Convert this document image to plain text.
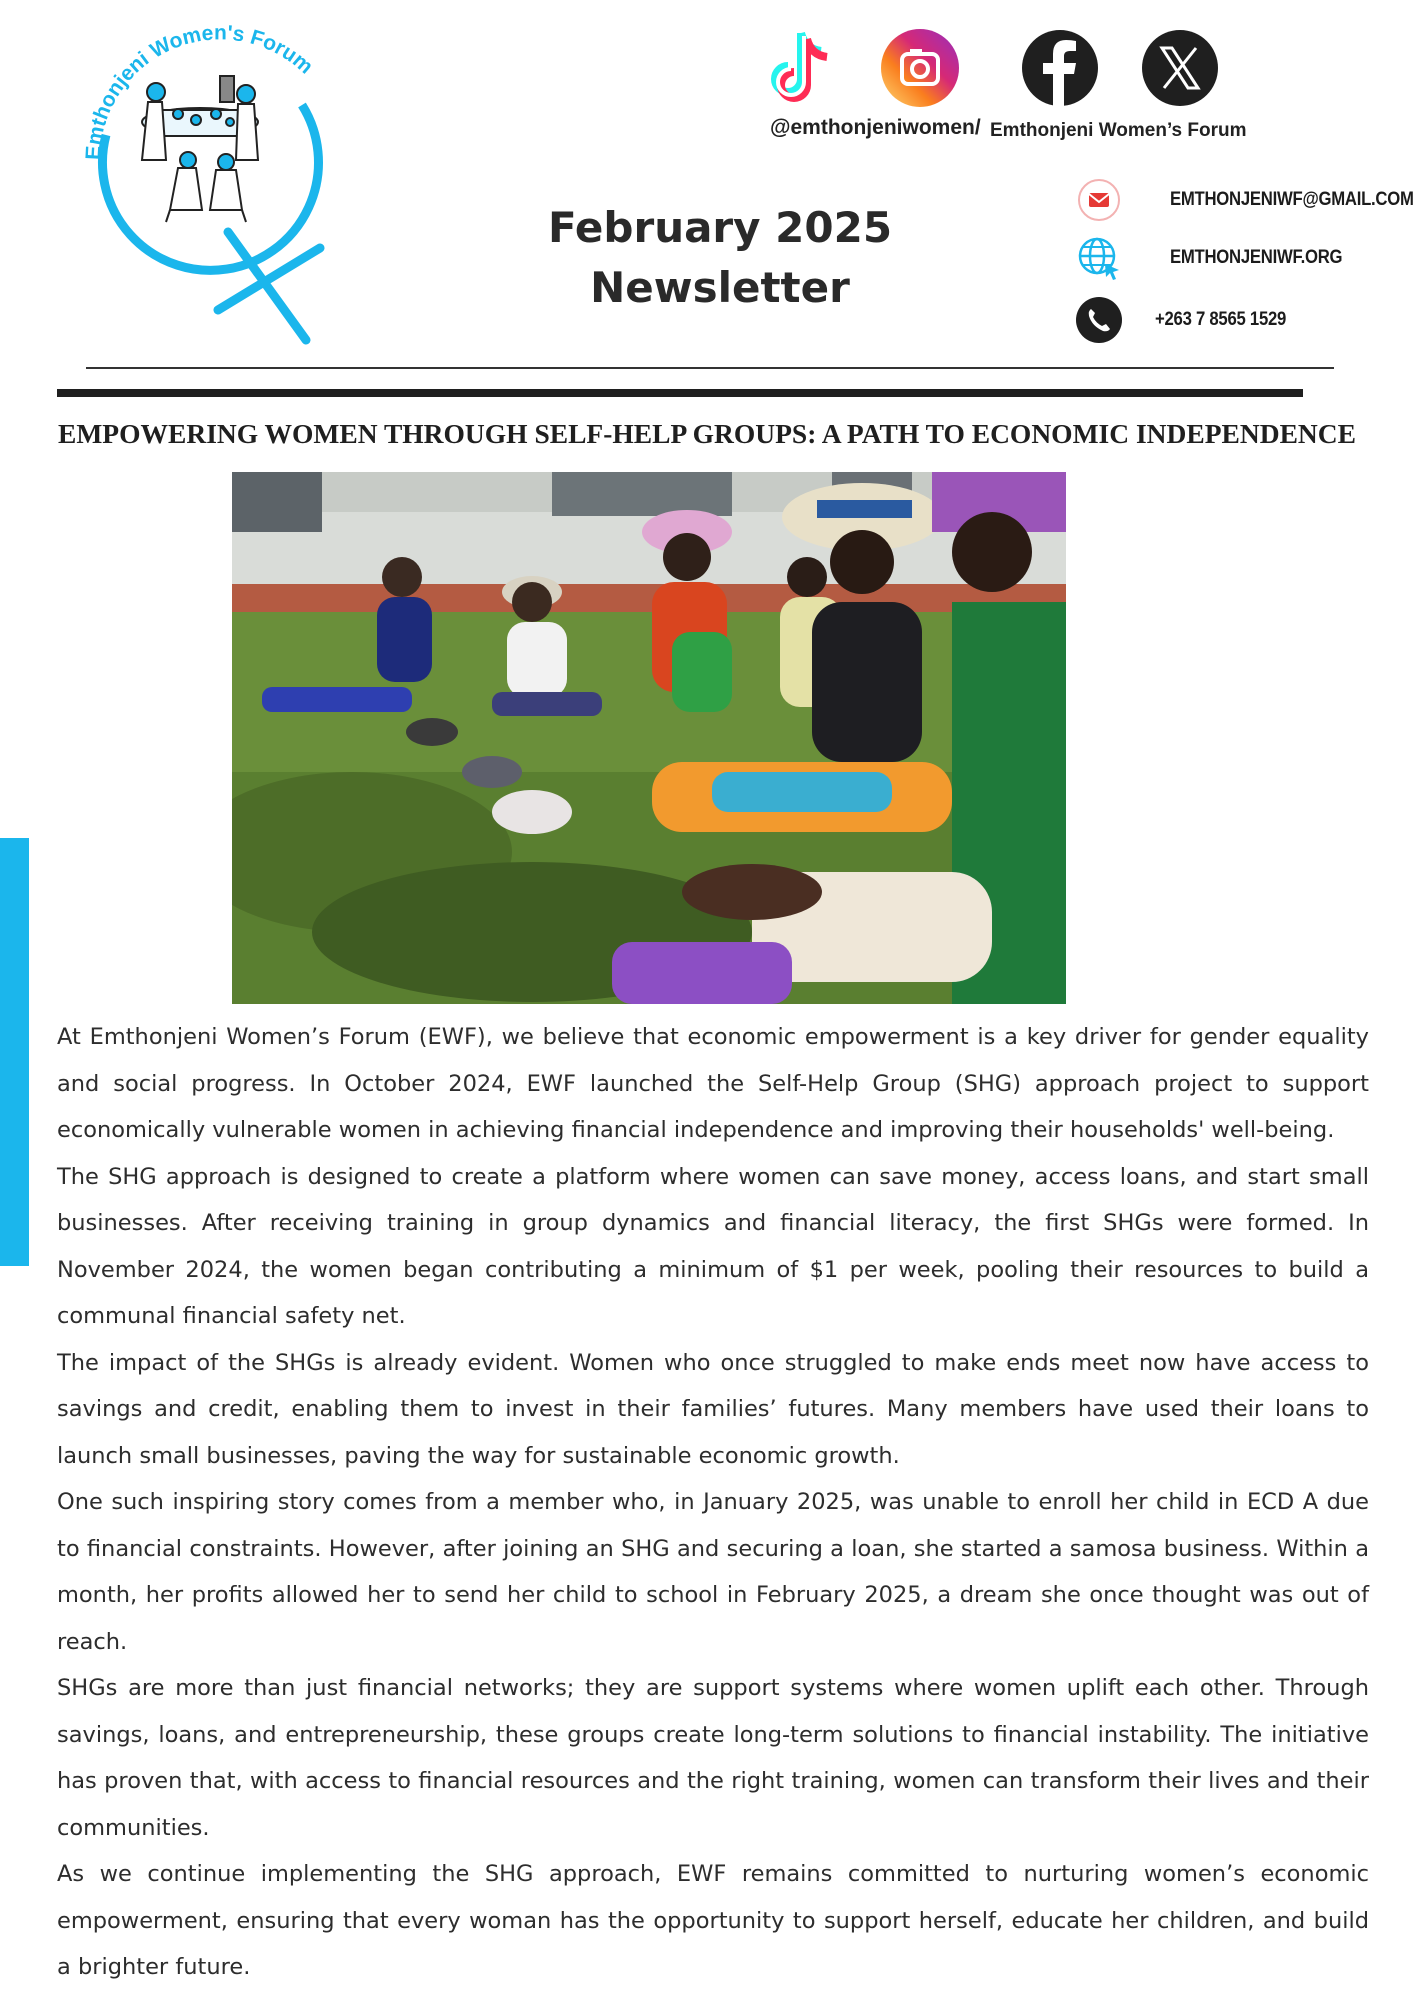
Emthonjeni Women's Forum
@emthonjeniwomen/ Emthonjeni Women’s Forum
February 2025
Newsletter
EMTHONJENIWF@GMAIL.COM
EMTHONJENIWF.ORG
+263 7 8565 1529
EMPOWERING WOMEN THROUGH SELF-HELP GROUPS: A PATH TO ECONOMIC INDEPENDENCE

At Emthonjeni Women’s Forum (EWF), we believe that economic empowerment is a key driver for gender equality and social progress. In October 2024, EWF launched the Self-Help Group (SHG) approach project to support economically vulnerable women in achieving financial independence and improving their households' well-being.

The SHG approach is designed to create a platform where women can save money, access loans, and start small businesses. After receiving training in group dynamics and financial literacy, the first SHGs were formed. In November 2024, the women began contributing a minimum of $1 per week, pooling their resources to build a communal financial safety net.

The impact of the SHGs is already evident. Women who once struggled to make ends meet now have access to savings and credit, enabling them to invest in their families’ futures. Many members have used their loans to launch small businesses, paving the way for sustainable economic growth.

One such inspiring story comes from a member who, in January 2025, was unable to enroll her child in ECD A due to financial constraints. However, after joining an SHG and securing a loan, she started a samosa business. Within a month, her profits allowed her to send her child to school in February 2025, a dream she once thought was out of reach.

SHGs are more than just financial networks; they are support systems where women uplift each other. Through savings, loans, and entrepreneurship, these groups create long-term solutions to financial instability. The initiative has proven that, with access to financial resources and the right training, women can transform their lives and their communities.

As we continue implementing the SHG approach, EWF remains committed to nurturing women’s economic empowerment, ensuring that every woman has the opportunity to support herself, educate her children, and build a brighter future.
